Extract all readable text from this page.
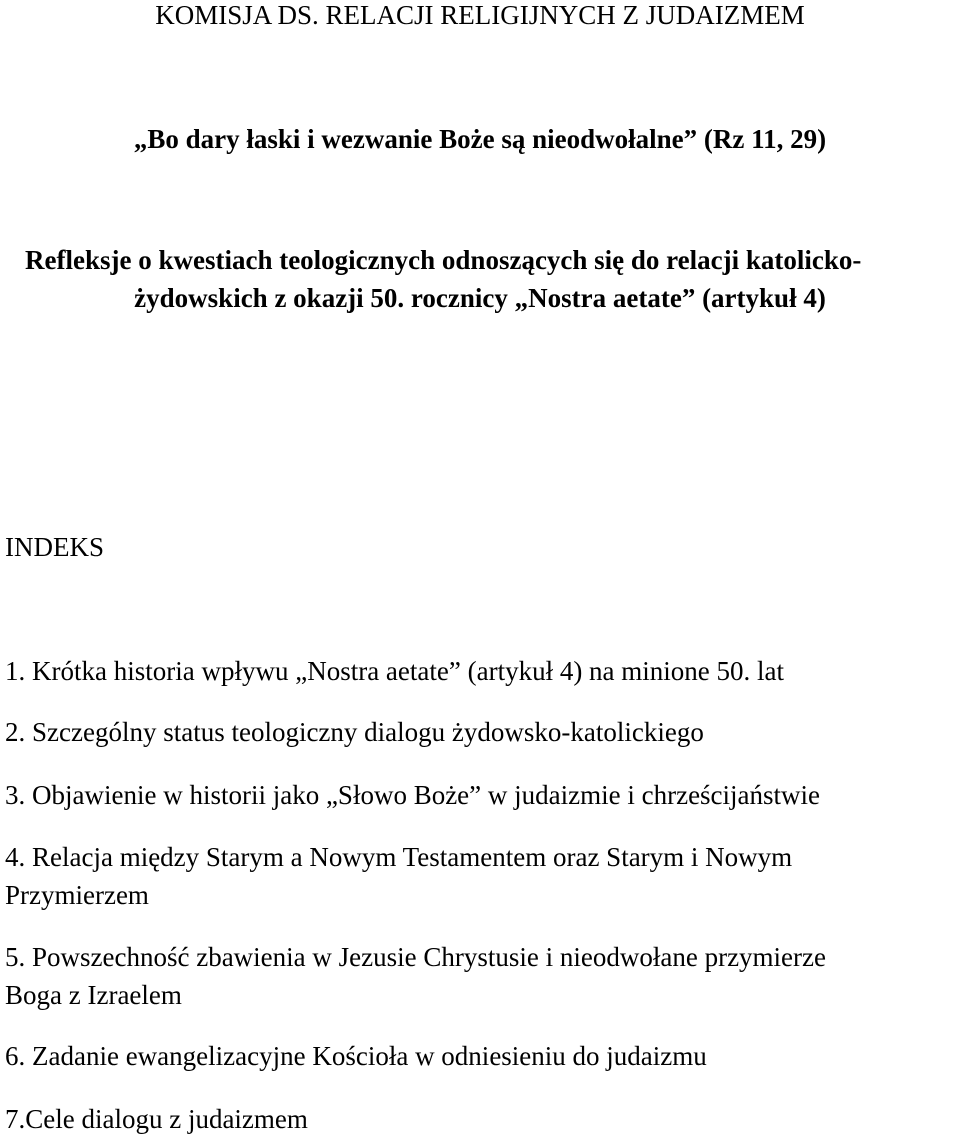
KOMISJA DS. RELACJI RELIGIJNYCH Z JUDAIZMEM
„Bo dary łaski i wezwanie Boże są nieodwołalne” (Rz 11, 29)
Refleksje o kwestiach teologicznych odnoszących się do relacji katolicko-
żydowskich z okazji 50. rocznicy „Nostra aetate” (artykuł 4)
INDEKS
1. Krótka historia wpływu „Nostra aetate” (artykuł 4) na minione 50. lat
2. Szczególny status teologiczny dialogu żydowsko-katolickiego
3. Objawienie w historii jako „Słowo Boże” w judaizmie i chrześcijaństwie
4. Relacja między Starym a Nowym Testamentem oraz Starym i Nowym
Przymierzem
5. Powszechność zbawienia w Jezusie Chrystusie i nieodwołane przymierze
Boga z Izraelem
6. Zadanie ewangelizacyjne Kościoła w odniesieniu do judaizmu
7.Cele dialogu z judaizmem
